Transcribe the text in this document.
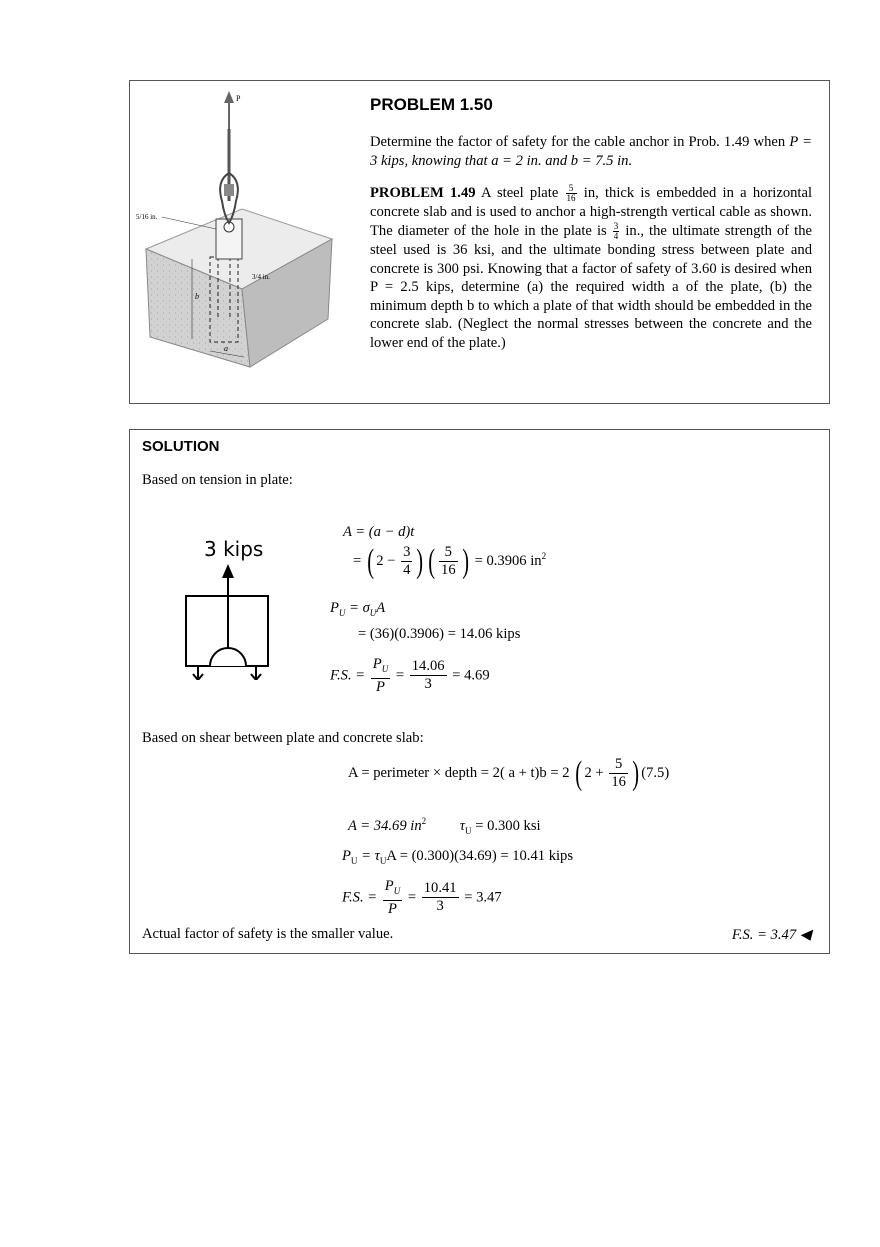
P
5/16 in.
3/4 in.
b
a
PROBLEM 1.50
Determine the factor of safety for the cable anchor in Prob. 1.49 when P = 3 kips, knowing that a = 2 in. and b = 7.5 in.
PROBLEM 1.49 A steel plate $\frac{5}{16}$ in, thick is embedded in a horizontal concrete slab and is used to anchor a high-strength vertical cable as shown. The diameter of the hole in the plate is $\frac{3}{4}$ in., the ultimate strength of the steel used is 36 ksi, and the ultimate bonding stress between plate and concrete is 300 psi. Knowing that a factor of safety of 3.60 is desired when P = 2.5 kips, determine (a) the required width a of the plate, (b) the minimum depth b to which a plate of that width should be embedded in the concrete slab. (Neglect the normal stresses between the concrete and the lower end of the plate.)
SOLUTION
Based on tension in plate:
3 kips
A = (a − d)t
= ( $2 - \frac{3}{4}$ ) ( $\frac{5}{16}$ ) = 0.3906 $in^2$
$P_U = \sigma_UA$
= (36)(0.3906) = 14.06 kips
F.S. = $\frac{P_U}{P} = \frac{14.06}{3} = 4.69$
Based on shear between plate and concrete slab:
A = perimeter × depth = 2( a + t)b = 2 ( $2 + \frac{5}{16}$ ) (7.5)
A = 34.69 $in^2$ $\tau_U = 0.300$ ksi
$P_U = \tau_UA = (0.300)(34.69) = 10.41$ kips
F.S. = $\frac{P_U}{P} = \frac{10.41}{3} = 3.47$
Actual factor of safety is the smaller value.	F.S. = 3.47 ◀
